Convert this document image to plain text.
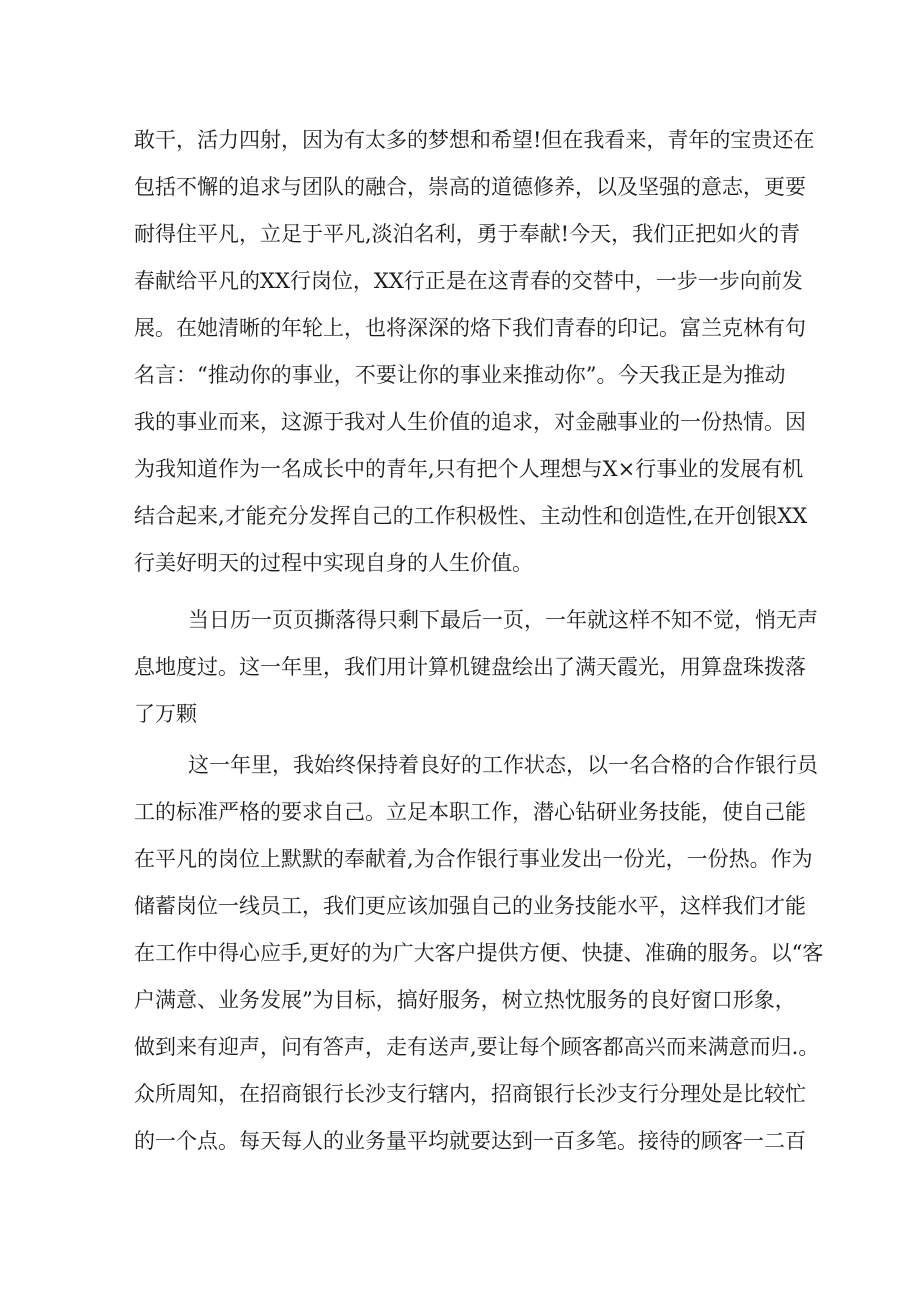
敢干，活力四射，因为有太多的梦想和希望!但在我看来，青年的宝贵还在
包括不懈的追求与团队的融合，崇高的道德修养，以及坚强的意志，更要
耐得住平凡，立足于平凡,淡泊名利，勇于奉献!今天，我们正把如火的青
春献给平凡的XX行岗位，XX行正是在这青春的交替中，一步一步向前发
展。在她清晰的年轮上，也将深深的烙下我们青春的印记。富兰克林有句
名言：“推动你的事业，不要让你的事业来推动你”。今天我正是为推动
我的事业而来，这源于我对人生价值的追求，对金融事业的一份热情。因
为我知道作为一名成长中的青年,只有把个人理想与X×行事业的发展有机
结合起来,才能充分发挥自己的工作积极性、主动性和创造性,在开创银XX
行美好明天的过程中实现自身的人生价值。
当日历一页页撕落得只剩下最后一页，一年就这样不知不觉，悄无声
息地度过。这一年里，我们用计算机键盘绘出了满天霞光，用算盘珠拨落
了万颗
这一年里，我始终保持着良好的工作状态，以一名合格的合作银行员
工的标准严格的要求自己。立足本职工作，潜心钻研业务技能，使自己能
在平凡的岗位上默默的奉献着,为合作银行事业发出一份光，一份热。作为
储蓄岗位一线员工，我们更应该加强自己的业务技能水平，这样我们才能
在工作中得心应手,更好的为广大客户提供方便、快捷、准确的服务。以“客
户满意、业务发展”为目标，搞好服务，树立热忱服务的良好窗口形象，
做到来有迎声，问有答声，走有送声,要让每个顾客都高兴而来满意而归.。
众所周知，在招商银行长沙支行辖内，招商银行长沙支行分理处是比较忙
的一个点。每天每人的业务量平均就要达到一百多笔。接待的顾客一二百
